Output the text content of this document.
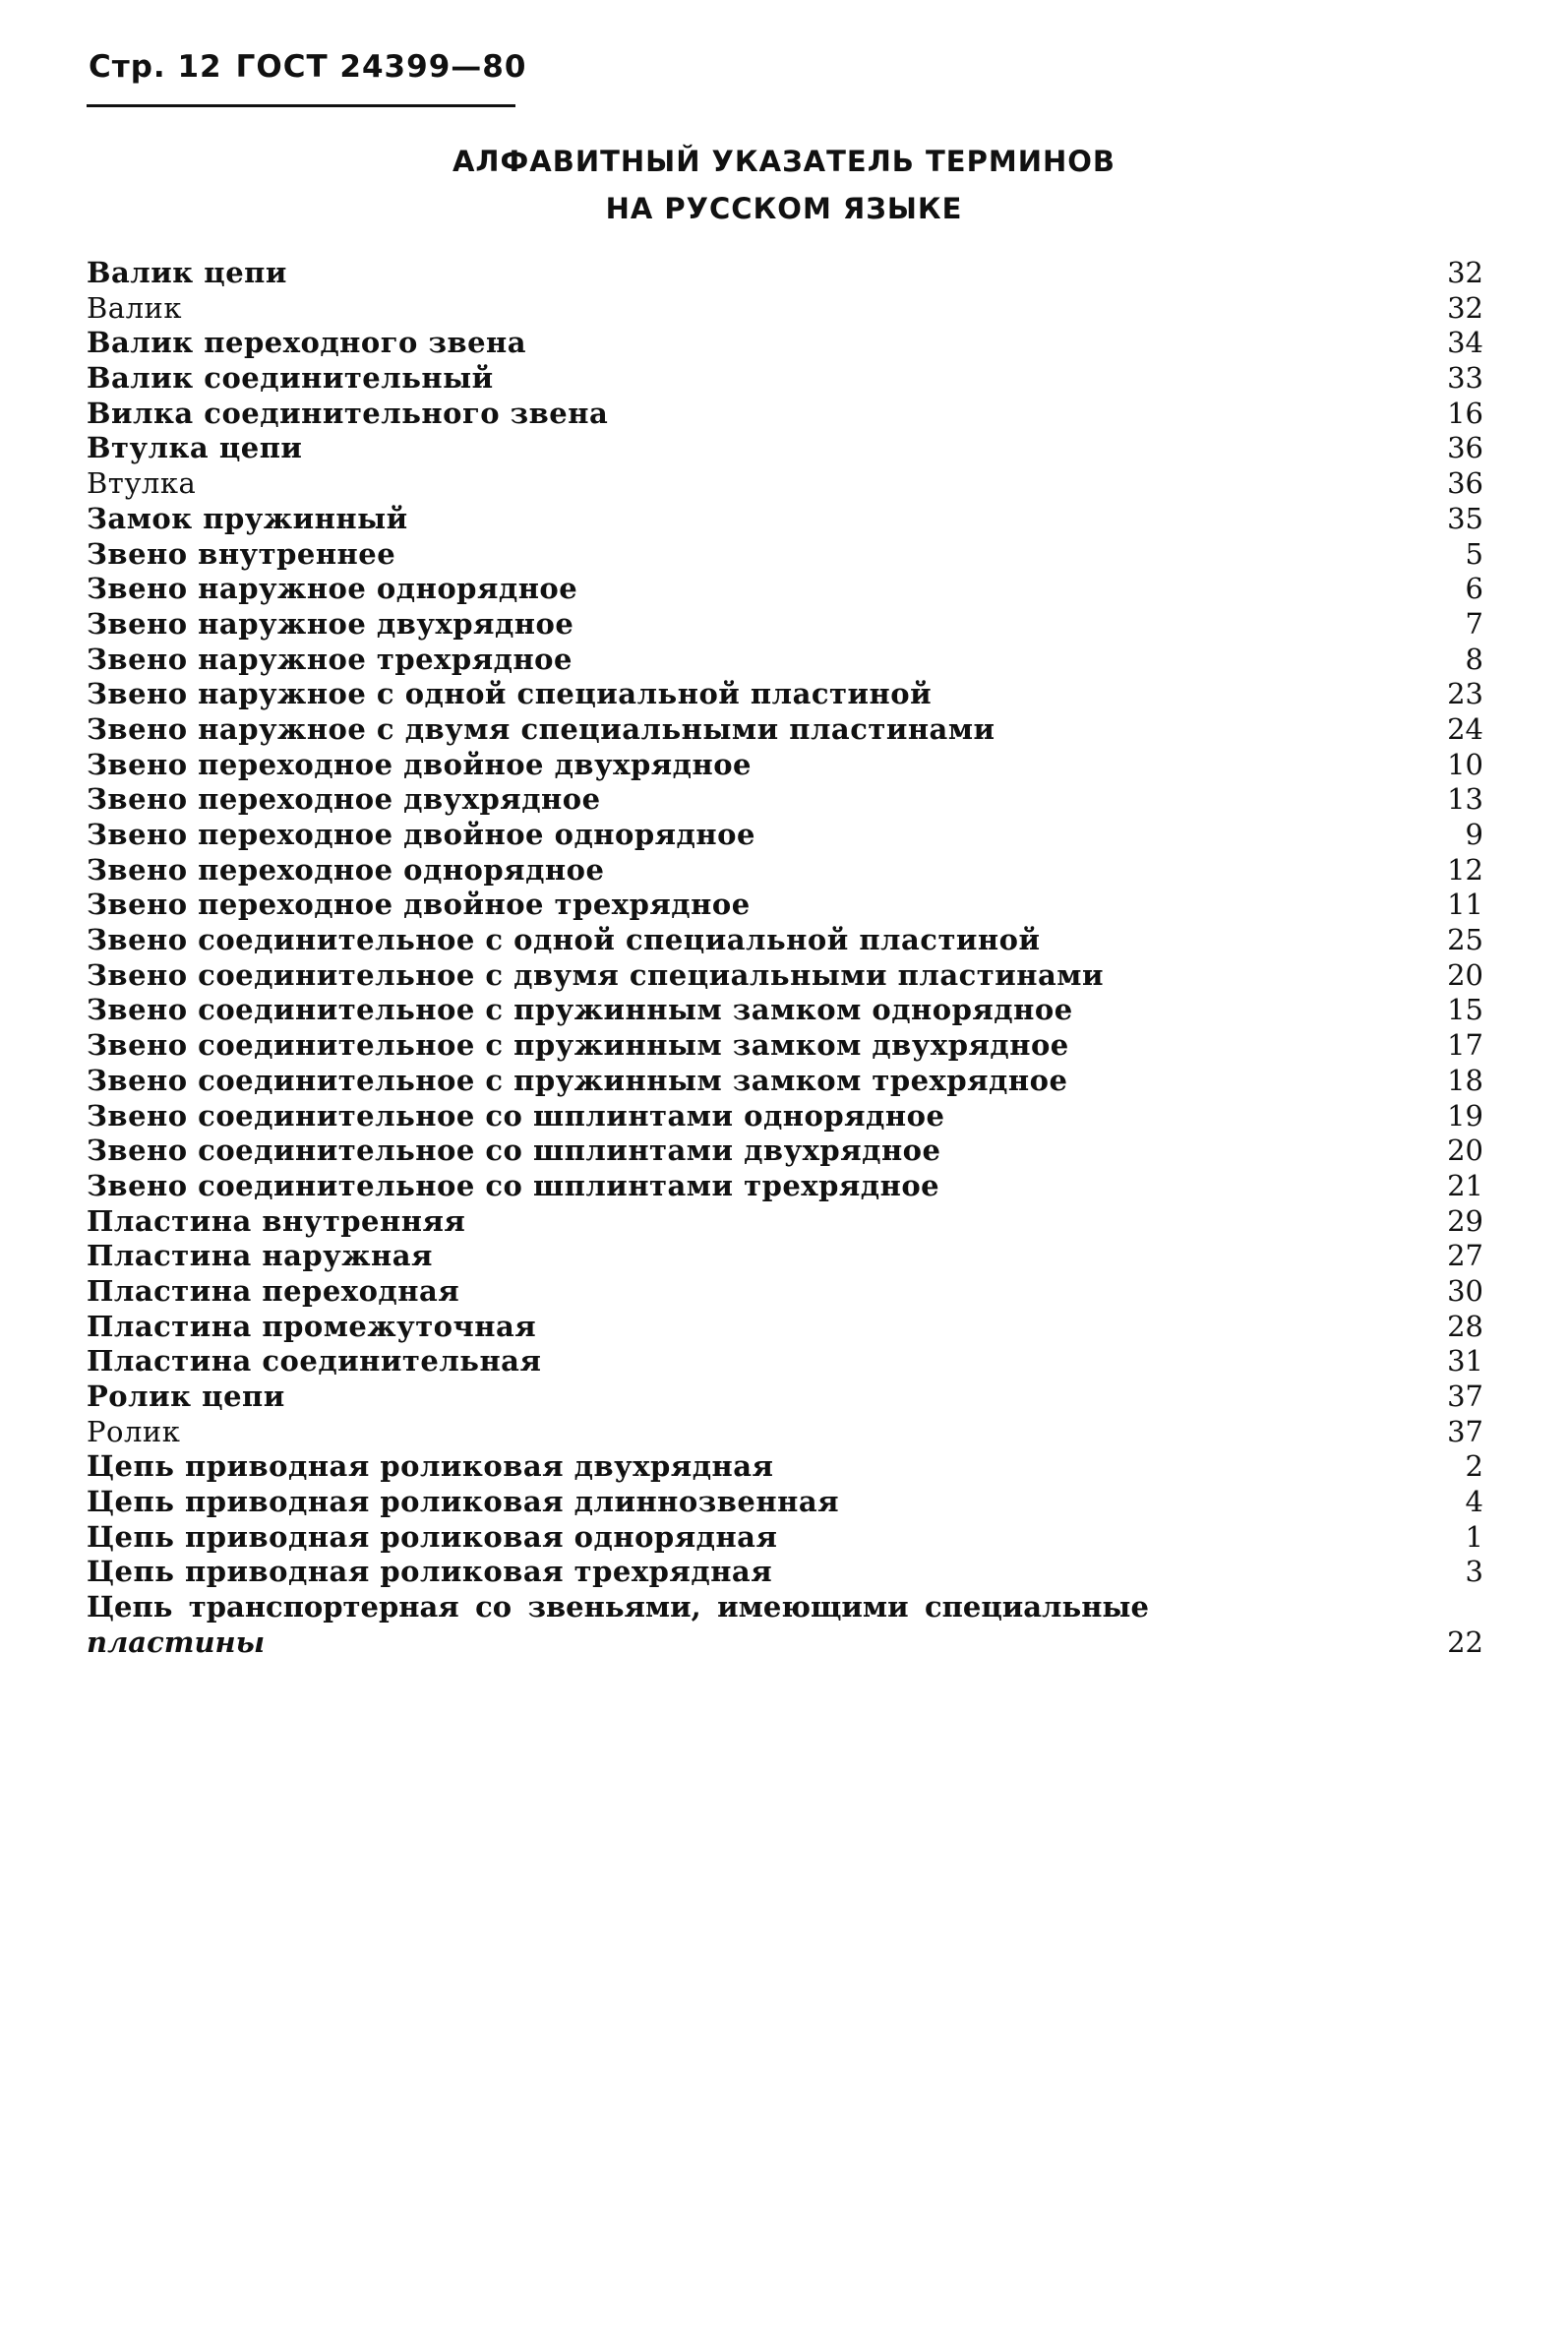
Стр. 12 ГОСТ 24399—80
АЛФАВИТНЫЙ УКАЗАТЕЛЬ ТЕРМИНОВ
НА РУССКОМ ЯЗЫКЕ
Валик цепи	32
Валик	32
Валик переходного звена	34
Валик соединительный	33
Вилка соединительного звена	16
Втулка цепи	36
Втулка	36
Замок пружинный	35
Звено внутреннее	5
Звено наружное однорядное	6
Звено наружное двухрядное	7
Звено наружное трехрядное	8
Звено наружное с одной специальной пластиной	23
Звено наружное с двумя специальными пластинами	24
Звено переходное двойное двухрядное	10
Звено переходное двухрядное	13
Звено переходное двойное однорядное	9
Звено переходное однорядное	12
Звено переходное двойное трехрядное	11
Звено соединительное с одной специальной пластиной	25
Звено соединительное с двумя специальными пластинами	20
Звено соединительное с пружинным замком однорядное	15
Звено соединительное с пружинным замком двухрядное	17
Звено соединительное с пружинным замком трехрядное	18
Звено соединительное со шплинтами однорядное	19
Звено соединительное со шплинтами двухрядное	20
Звено соединительное со шплинтами трехрядное	21
Пластина внутренняя	29
Пластина наружная	27
Пластина переходная	30
Пластина промежуточная	28
Пластина соединительная	31
Ролик цепи	37
Ролик	37
Цепь приводная роликовая двухрядная	2
Цепь приводная роликовая длиннозвенная	4
Цепь приводная роликовая однорядная	1
Цепь приводная роликовая трехрядная	3
Цепь транспортерная со звеньями, имеющими специальные
пластины	22
